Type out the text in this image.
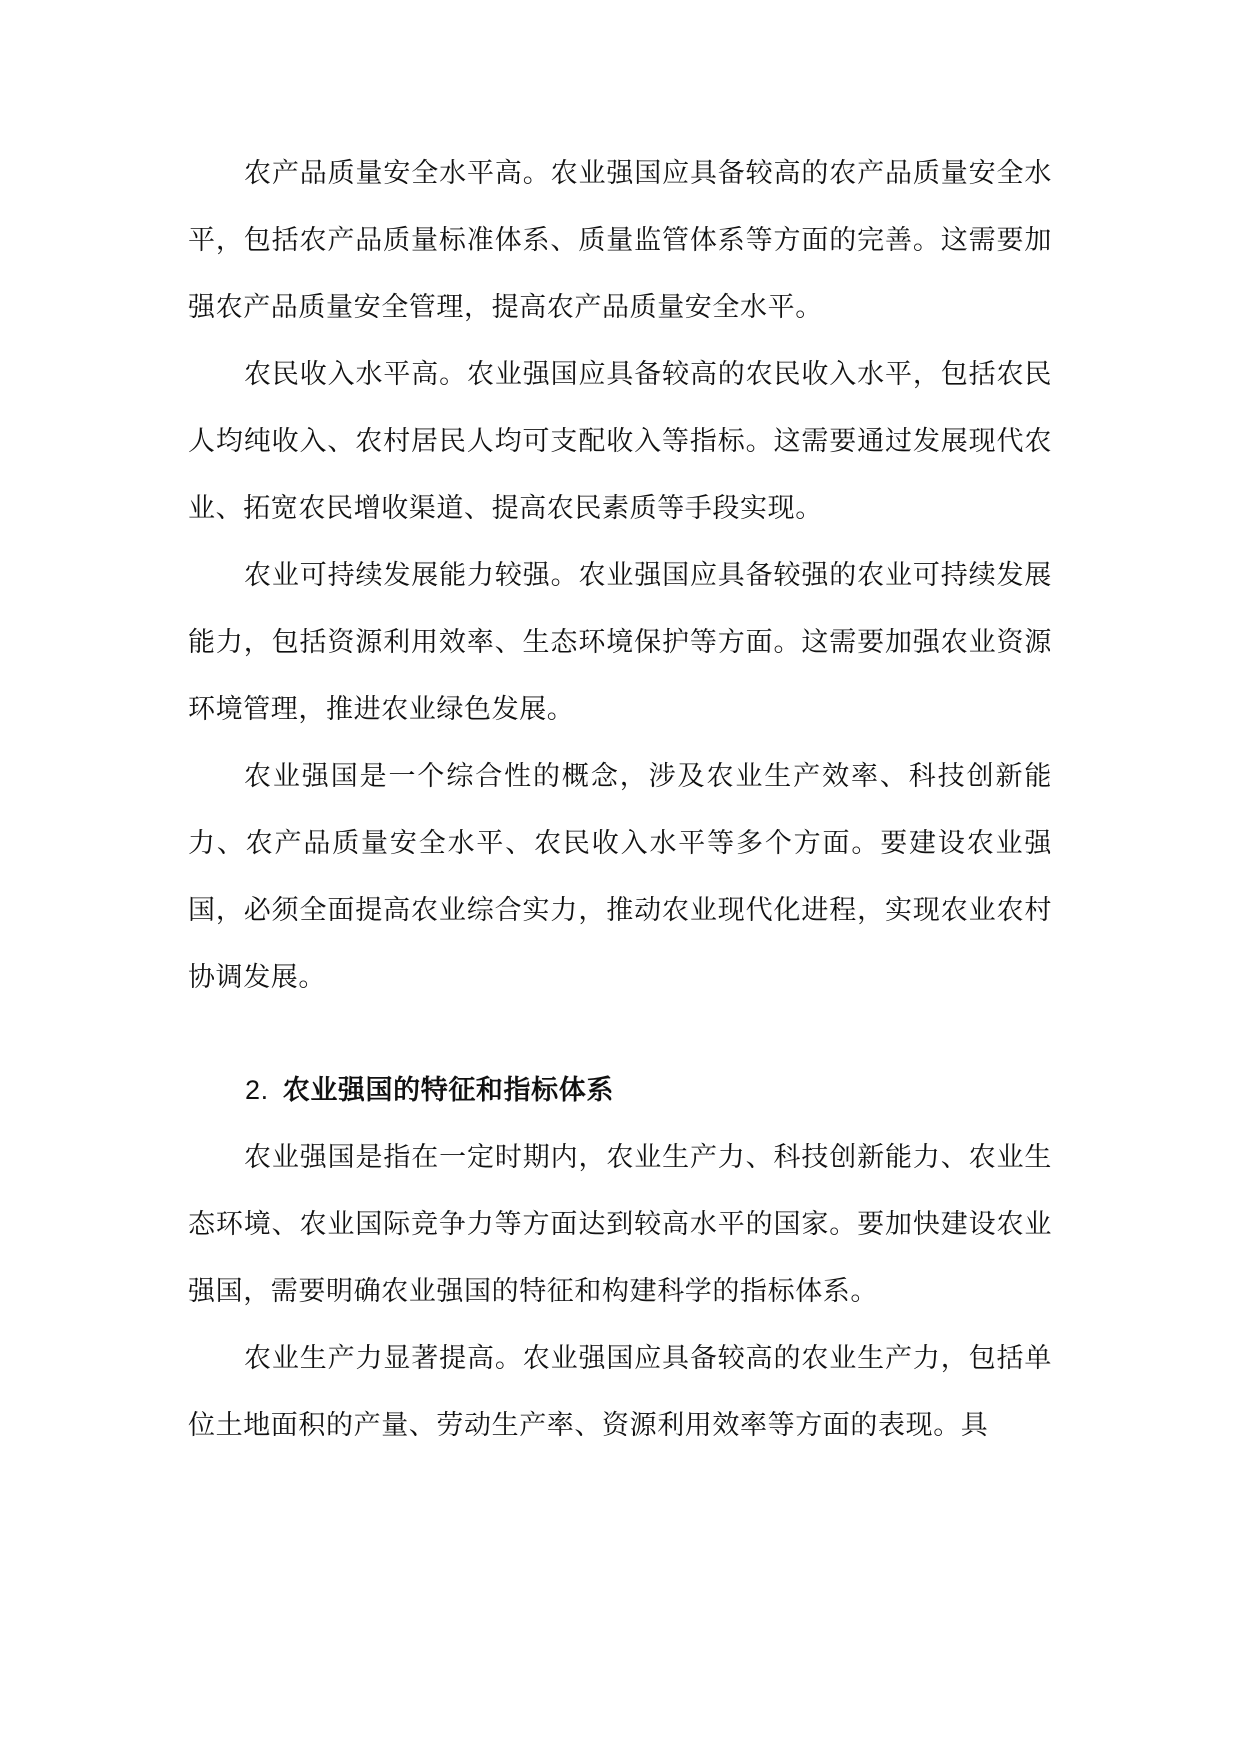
农产品质量安全水平高。农业强国应具备较高的农产品质量安全水平，包括农产品质量标准体系、质量监管体系等方面的完善。这需要加强农产品质量安全管理，提高农产品质量安全水平。

农民收入水平高。农业强国应具备较高的农民收入水平，包括农民人均纯收入、农村居民人均可支配收入等指标。这需要通过发展现代农业、拓宽农民增收渠道、提高农民素质等手段实现。

农业可持续发展能力较强。农业强国应具备较强的农业可持续发展能力，包括资源利用效率、生态环境保护等方面。这需要加强农业资源环境管理，推进农业绿色发展。

农业强国是一个综合性的概念，涉及农业生产效率、科技创新能力、农产品质量安全水平、农民收入水平等多个方面。要建设农业强国，必须全面提高农业综合实力，推动农业现代化进程，实现农业农村协调发展。

2. 农业强国的特征和指标体系

农业强国是指在一定时期内，农业生产力、科技创新能力、农业生态环境、农业国际竞争力等方面达到较高水平的国家。要加快建设农业强国，需要明确农业强国的特征和构建科学的指标体系。

农业生产力显著提高。农业强国应具备较高的农业生产力，包括单位土地面积的产量、劳动生产率、资源利用效率等方面的表现。具
